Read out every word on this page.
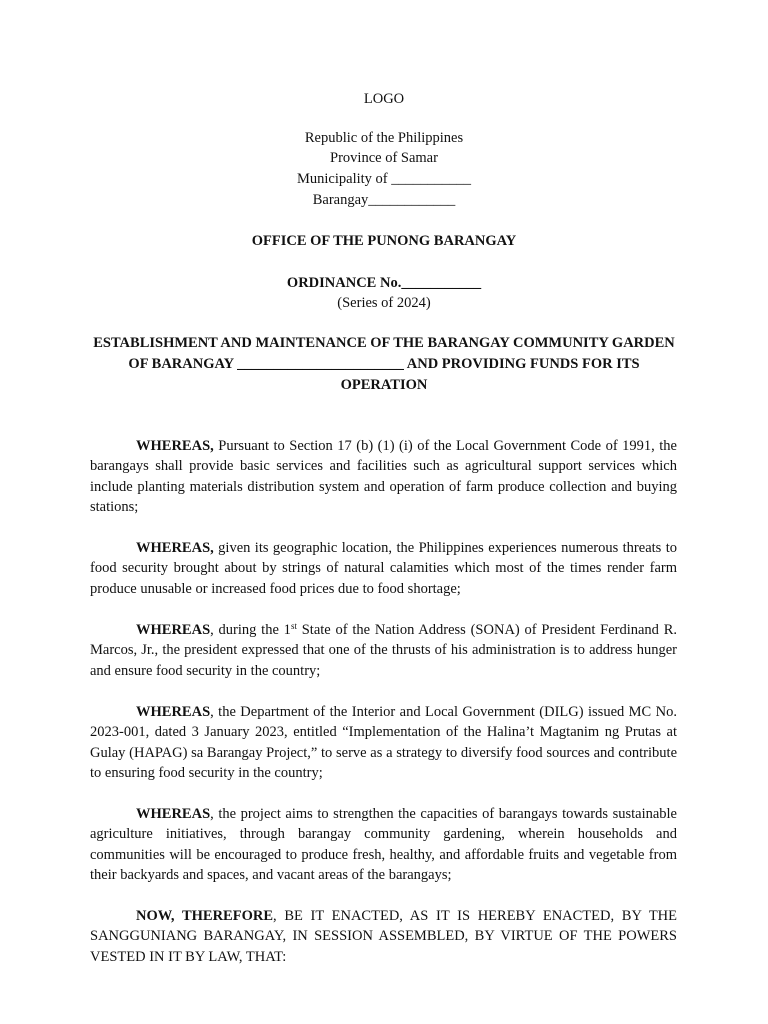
LOGO
Republic of the Philippines
Province of Samar
Municipality of ___________
Barangay____________
OFFICE OF THE PUNONG BARANGAY
ORDINANCE No.___________
(Series of 2024)
ESTABLISHMENT AND MAINTENANCE OF THE BARANGAY COMMUNITY GARDEN
OF BARANGAY _______________________ AND PROVIDING FUNDS FOR ITS
OPERATION
WHEREAS, Pursuant to Section 17 (b) (1) (i) of the Local Government Code of 1991, the barangays shall provide basic services and facilities such as agricultural support services which include planting materials distribution system and operation of farm produce collection and buying stations;
WHEREAS, given its geographic location, the Philippines experiences numerous threats to food security brought about by strings of natural calamities which most of the times render farm produce unusable or increased food prices due to food shortage;
WHEREAS, during the 1st State of the Nation Address (SONA) of President Ferdinand R. Marcos, Jr., the president expressed that one of the thrusts of his administration is to address hunger and ensure food security in the country;
WHEREAS, the Department of the Interior and Local Government (DILG) issued MC No. 2023-001, dated 3 January 2023, entitled “Implementation of the Halina’t Magtanim ng Prutas at Gulay (HAPAG) sa Barangay Project,” to serve as a strategy to diversify food sources and contribute to ensuring food security in the country;
WHEREAS, the project aims to strengthen the capacities of barangays towards sustainable agriculture initiatives, through barangay community gardening, wherein households and communities will be encouraged to produce fresh, healthy, and affordable fruits and vegetable from their backyards and spaces, and vacant areas of the barangays;
NOW, THEREFORE, BE IT ENACTED, AS IT IS HEREBY ENACTED, BY THE SANGGUNIANG BARANGAY, IN SESSION ASSEMBLED, BY VIRTUE OF THE POWERS VESTED IN IT BY LAW, THAT:
